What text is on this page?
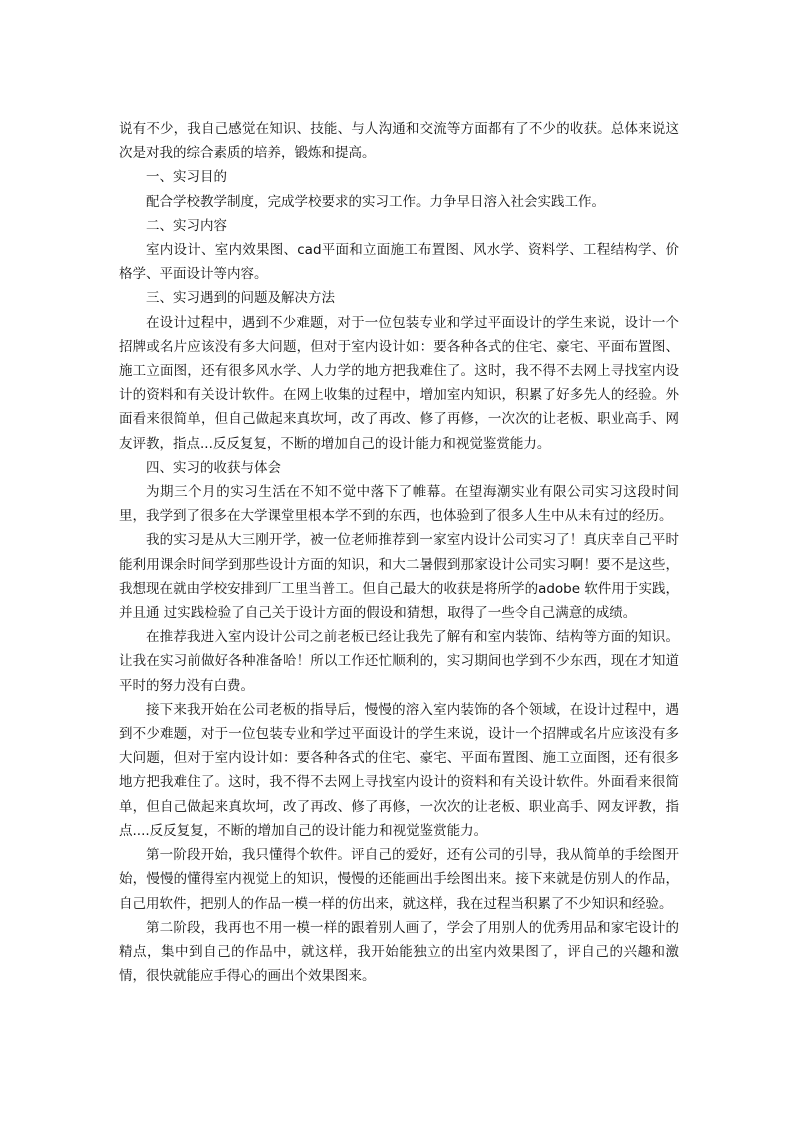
说有不少，我自己感觉在知识、技能、与人沟通和交流等方面都有了不少的收获。总体来说这次是对我的综合素质的培养，锻炼和提高。

一、实习目的

配合学校教学制度，完成学校要求的实习工作。力争早日溶入社会实践工作。

二、实习内容

室内设计、室内效果图、cad平面和立面施工布置图、风水学、资料学、工程结构学、价格学、平面设计等内容。

三、实习遇到的问题及解决方法

在设计过程中，遇到不少难题，对于一位包装专业和学过平面设计的学生来说，设计一个招牌或名片应该没有多大问题，但对于室内设计如：要各种各式的住宅、豪宅、平面布置图、施工立面图，还有很多风水学、人力学的地方把我难住了。这时，我不得不去网上寻找室内设计的资料和有关设计软件。在网上收集的过程中，增加室内知识，积累了好多先人的经验。外面看来很简单，但自己做起来真坎坷，改了再改、修了再修，一次次的让老板、职业高手、网友评教，指点...反反复复，不断的增加自己的设计能力和视觉鉴赏能力。

四、实习的收获与体会

为期三个月的实习生活在不知不觉中落下了帷幕。在望海潮实业有限公司实习这段时间 里，我学到了很多在大学课堂里根本学不到的东西，也体验到了很多人生中从未有过的经历。

我的实习是从大三刚开学，被一位老师推荐到一家室内设计公司实习了！真庆幸自己平时能利用课余时间学到那些设计方面的知识，和大二暑假到那家设计公司实习啊！要不是这些，我想现在就由学校安排到厂工里当普工。但自己最大的收获是将所学的adobe 软件用于实践，并且通 过实践检验了自己关于设计方面的假设和猜想，取得了一些令自己满意的成绩。

在推荐我进入室内设计公司之前老板已经让我先了解有和室内装饰、结构等方面的知识。让我在实习前做好各种准备哈！所以工作还忙顺利的，实习期间也学到不少东西，现在才知道平时的努力没有白费。

接下来我开始在公司老板的指导后，慢慢的溶入室内装饰的各个领域，在设计过程中，遇到不少难题，对于一位包装专业和学过平面设计的学生来说，设计一个招牌或名片应该没有多大问题，但对于室内设计如：要各种各式的住宅、豪宅、平面布置图、施工立面图，还有很多地方把我难住了。这时，我不得不去网上寻找室内设计的资料和有关设计软件。外面看来很简单，但自己做起来真坎坷，改了再改、修了再修，一次次的让老板、职业高手、网友评教，指点....反反复复，不断的增加自己的设计能力和视觉鉴赏能力。

第一阶段开始，我只懂得个软件。评自己的爱好，还有公司的引导，我从简单的手绘图开始，慢慢的懂得室内视觉上的知识，慢慢的还能画出手绘图出来。接下来就是仿别人的作品，自己用软件，把别人的作品一模一样的仿出来，就这样，我在过程当积累了不少知识和经验。

第二阶段，我再也不用一模一样的跟着别人画了，学会了用别人的优秀用品和家宅设计的精点，集中到自己的作品中，就这样，我开始能独立的出室内效果图了，评自己的兴趣和激情，很快就能应手得心的画出个效果图来。
